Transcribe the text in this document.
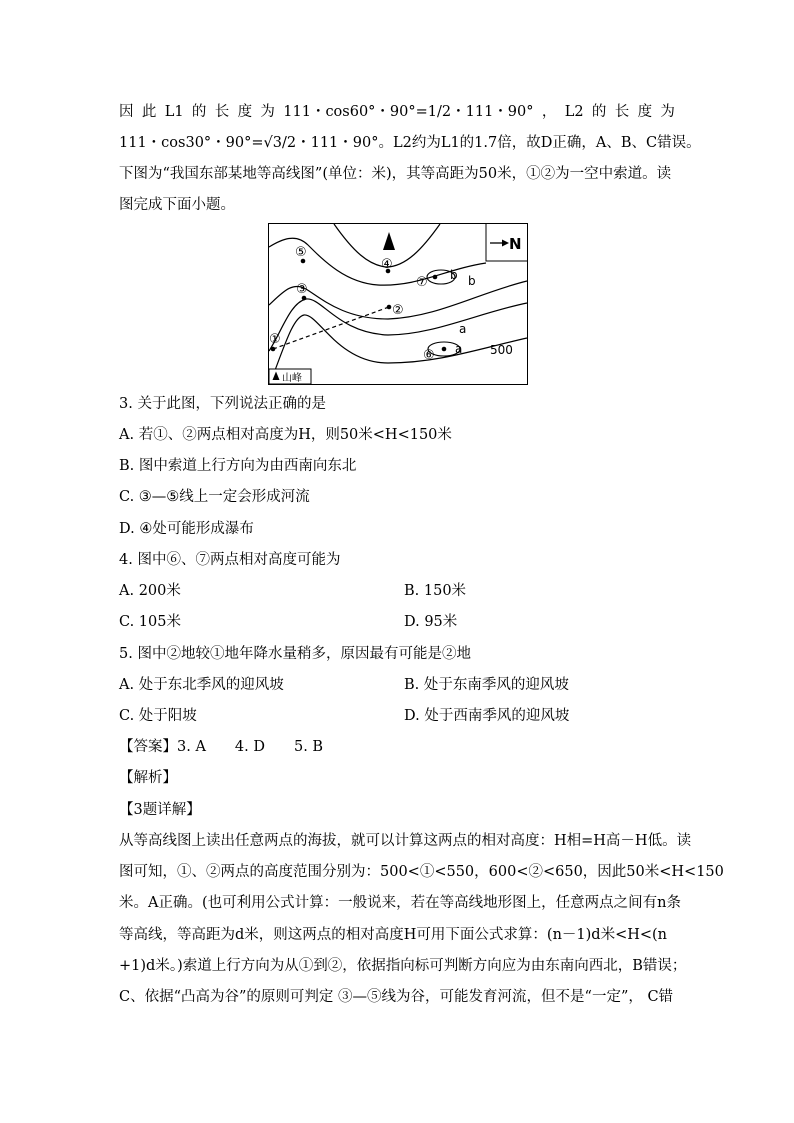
因 此 L1 的 长 度 为 111・cos60°・90°=1/2・111・90° ， L2 的 长 度 为
111・cos30°・90°=√3/2・111・90°。L2约为L1的1.7倍，故D正确，A、B、C错误。
下图为“我国东部某地等高线图”(单位：米)，其等高距为50米，①②为一空中索道。读
图完成下面小题。
N
①
②
③
④
⑤
⑥
⑦
a
a
b b
500
山峰
3. 关于此图，下列说法正确的是
A. 若①、②两点相对高度为H，则50米<H<150米
B. 图中索道上行方向为由西南向东北
C. ③—⑤线上一定会形成河流
D. ④处可能形成瀑布
4. 图中⑥、⑦两点相对高度可能为
A. 200米	B. 150米
C. 105米	D. 95米
5. 图中②地较①地年降水量稍多，原因最有可能是②地
A. 处于东北季风的迎风坡	B. 处于东南季风的迎风坡
C. 处于阳坡	D. 处于西南季风的迎风坡
【答案】3. A　　4. D　　5. B
【解析】
【3题详解】
从等高线图上读出任意两点的海拔，就可以计算这两点的相对高度：H相=H高－H低。读
图可知，①、②两点的高度范围分别为：500<①<550，600<②<650，因此50米<H<150
米。A正确。(也可利用公式计算：一般说来，若在等高线地形图上，任意两点之间有n条
等高线，等高距为d米，则这两点的相对高度H可用下面公式求算：(n－1)d米<H<(n
+1)d米。)索道上行方向为从①到②，依据指向标可判断方向应为由东南向西北，B错误；
C、依据“凸高为谷”的原则可判定 ③—⑤线为谷，可能发育河流，但不是“一定”， C错
